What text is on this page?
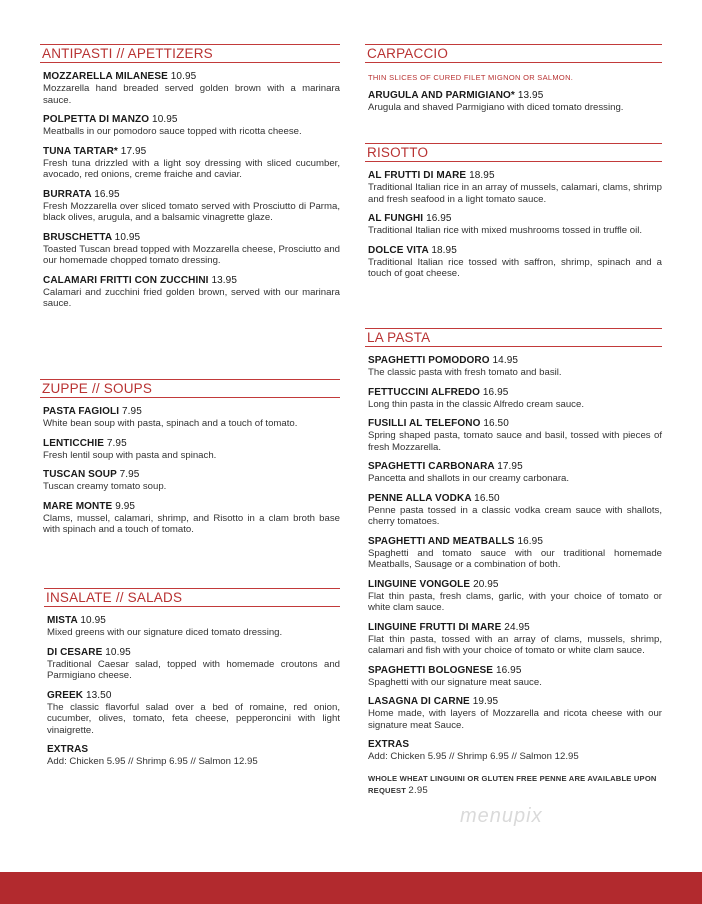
ANTIPASTI // APETTIZERS
MOZZARELLA MILANESE 10.95
Mozzarella hand breaded served golden brown with a marinara sauce.
POLPETTA DI MANZO 10.95
Meatballs in our pomodoro sauce topped with ricotta cheese.
TUNA TARTAR* 17.95
Fresh tuna drizzled with a light soy dressing with sliced cucumber, avocado, red onions, creme fraiche and caviar.
BURRATA 16.95
Fresh Mozzarella over sliced tomato served with Prosciutto di Parma, black olives, arugula, and a balsamic vinagrette glaze.
BRUSCHETTA 10.95
Toasted Tuscan bread topped with Mozzarella cheese, Prosciutto and our homemade chopped tomato dressing.
CALAMARI FRITTI CON ZUCCHINI 13.95
Calamari and zucchini fried golden brown, served with our marinara sauce.
ZUPPE // SOUPS
PASTA FAGIOLI 7.95
White bean soup with pasta, spinach and a touch of tomato.
LENTICCHIE 7.95
Fresh lentil soup with pasta and spinach.
TUSCAN SOUP 7.95
Tuscan creamy tomato soup.
MARE MONTE 9.95
Clams, mussel, calamari, shrimp, and Risotto in a clam broth base with spinach and a touch of tomato.
INSALATE // SALADS
MISTA 10.95
Mixed greens with our signature diced tomato dressing.
DI CESARE 10.95
Traditional Caesar salad, topped with homemade croutons and Parmigiano cheese.
GREEK 13.50
The classic flavorful salad over a bed of romaine, red onion, cucumber, olives, tomato, feta cheese, pepperoncini with light vinaigrette.
EXTRAS
Add: Chicken 5.95 // Shrimp 6.95 // Salmon 12.95
CARPACCIO
THIN SLICES OF CURED FILET MIGNON OR SALMON.
ARUGULA AND PARMIGIANO* 13.95
Arugula and shaved Parmigiano with diced tomato dressing.
RISOTTO
AL FRUTTI DI MARE 18.95
Traditional Italian rice in an array of mussels, calamari, clams, shrimp and fresh seafood in a light tomato sauce.
AL FUNGHI 16.95
Traditional Italian rice with mixed mushrooms tossed in truffle oil.
DOLCE VITA 18.95
Traditional Italian rice tossed with saffron, shrimp, spinach and a touch of goat cheese.
LA PASTA
SPAGHETTI POMODORO 14.95
The classic pasta with fresh tomato and basil.
FETTUCCINI ALFREDO 16.95
Long thin pasta in the classic Alfredo cream sauce.
FUSILLI AL TELEFONO 16.50
Spring shaped pasta, tomato sauce and basil, tossed with pieces of fresh Mozzarella.
SPAGHETTI CARBONARA 17.95
Pancetta and shallots in our creamy carbonara.
PENNE ALLA VODKA 16.50
Penne pasta tossed in a classic vodka cream sauce with shallots, cherry tomatoes.
SPAGHETTI AND MEATBALLS 16.95
Spaghetti and tomato sauce with our traditional homemade Meatballs, Sausage or a combination of both.
LINGUINE VONGOLE 20.95
Flat thin pasta, fresh clams, garlic, with your choice of tomato or white clam sauce.
LINGUINE FRUTTI DI MARE 24.95
Flat thin pasta, tossed with an array of clams, mussels, shrimp, calamari and fish with your choice of tomato or white clam sauce.
SPAGHETTI BOLOGNESE 16.95
Spaghetti with our signature meat sauce.
LASAGNA DI CARNE 19.95
Home made, with layers of Mozzarella and ricota cheese with our signature meat Sauce.
EXTRAS
Add: Chicken 5.95 // Shrimp 6.95 // Salmon 12.95
WHOLE WHEAT LINGUINI OR GLUTEN FREE PENNE ARE AVAILABLE UPON REQUEST 2.95
menupix
